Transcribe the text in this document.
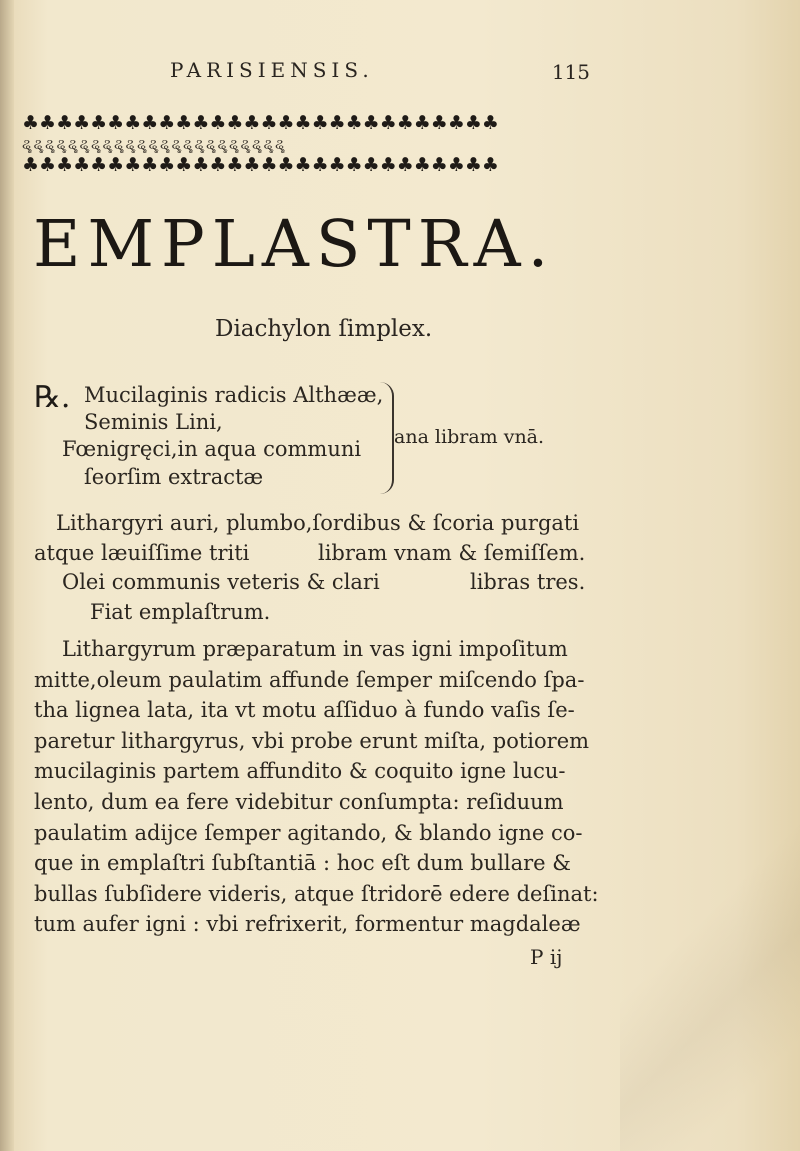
PARISIENSIS.	115
♣♣♣♣♣♣♣♣♣♣♣♣♣♣♣♣♣♣♣♣♣♣♣♣♣♣♣♣
ୡୢୡୢୡୢୡୢୡୢୡୢୡୢୡୢୡୢୡୢୡୢୡୢୡୢୡୢୡୢୡୢୡୢୡୢୡୢୡୢୡୢୡୢୡୢ
♣♣♣♣♣♣♣♣♣♣♣♣♣♣♣♣♣♣♣♣♣♣♣♣♣♣♣♣
EMPLASTRA.
Diachylon ſimplex.
℞. Mucilaginis radicis Althææ,
Seminis Lini,
Fœnigręci,in aqua communi
ſeorſim extractæ
ana libram vnā.
Lithargyri auri, plumbo,ſordibus & ſcoria purgati
atque læuiſſime triti	libram vnam & ſemiſſem.
Olei communis veteris & clari	libras tres.
Fiat emplaſtrum.
Lithargyrum præparatum in vas igni impoſitum
mitte,oleum paulatim affunde ſemper miſcendo ſpa-
tha lignea lata, ita vt motu aſſiduo à fundo vaſis ſe-
paretur lithargyrus, vbi probe erunt miſta, potiorem
mucilaginis partem affundito & coquito igne lucu-
lento, dum ea fere videbitur conſumpta: reſiduum
paulatim adijce ſemper agitando, & blando igne co-
que in emplaſtri ſubſtantiā : hoc eſt dum bullare &
bullas ſubſidere videris, atque ſtridorē edere deſinat:
tum aufer igni : vbi refrixerit, formentur magdaleæ
P ij
